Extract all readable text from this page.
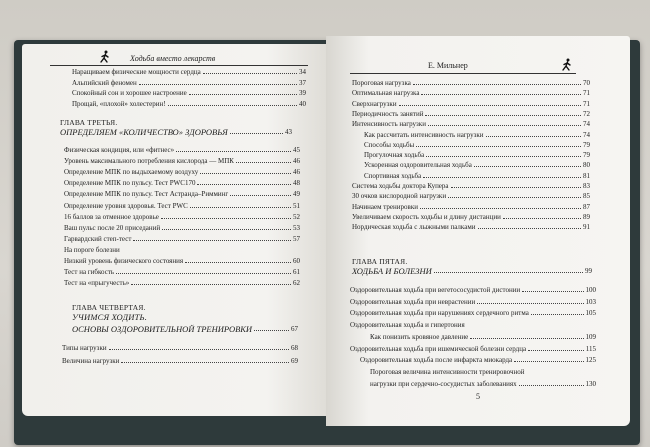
Ходьба вместо лекарств
Наращиваем физические мощности сердца	34
Альпийский феномен	37
Спокойный сон и хорошее настроение	39
Прощай, «плохой» холестерин!	40
ГЛАВА ТРЕТЬЯ.
ОПРЕДЕЛЯЕМ «КОЛИЧЕСТВО» ЗДОРОВЬЯ	43
Физическая кондиция, или «фитнес»	45
Уровень максимального потребления кислорода — МПК	46
Определение МПК по выдыхаемому воздуху	46
Определение МПК по пульсу. Тест PWC170	48
Определение МПК по пульсу. Тест Астранда–Римминг	49
Определение уровня здоровья. Тест PWC	51
16 баллов за отменное здоровье	52
Ваш пульс после 20 приседаний	53
Гарвардский степ-тест	57
На пороге болезни
Низкий уровень физического состояния	60
Тест на гибкость	61
Тест на «прыгучесть»	62
ГЛАВА ЧЕТВЕРТАЯ.
УЧИМСЯ ХОДИТЬ.
ОСНОВЫ ОЗДОРОВИТЕЛЬНОЙ ТРЕНИРОВКИ	67
Типы нагрузки	68
Величина нагрузки	69
Е. Мильнер
Пороговая нагрузка	70
Оптимальная нагрузка	71
Сверхнагрузки	71
Периодичность занятий	72
Интенсивность нагрузки	74
Как рассчитать интенсивность нагрузки	74
Способы ходьбы	79
Прогулочная ходьба	79
Ускоренная оздоровительная ходьба	80
Спортивная ходьба	81
Система ходьбы доктора Купера	83
30 очков кислородной нагрузки	85
Начинаем тренировки	87
Увеличиваем скорость ходьбы и длину дистанции	89
Нордическая ходьба с лыжными палками	91
ГЛАВА ПЯТАЯ.
ХОДЬБА И БОЛЕЗНИ	99
Оздоровительная ходьба при вегетососудистой дистонии	100
Оздоровительная ходьба при неврастении	103
Оздоровительная ходьба при нарушениях сердечного ритма	105
Оздоровительная ходьба и гипертония
Как понизить кровяное давление	109
Оздоровительная ходьба при ишемической болезни сердца	115
Оздоровительная ходьба после инфаркта миокарда	125
Пороговая величина интенсивности тренировочной
нагрузки при сердечно-сосудистых заболеваниях	130
5
